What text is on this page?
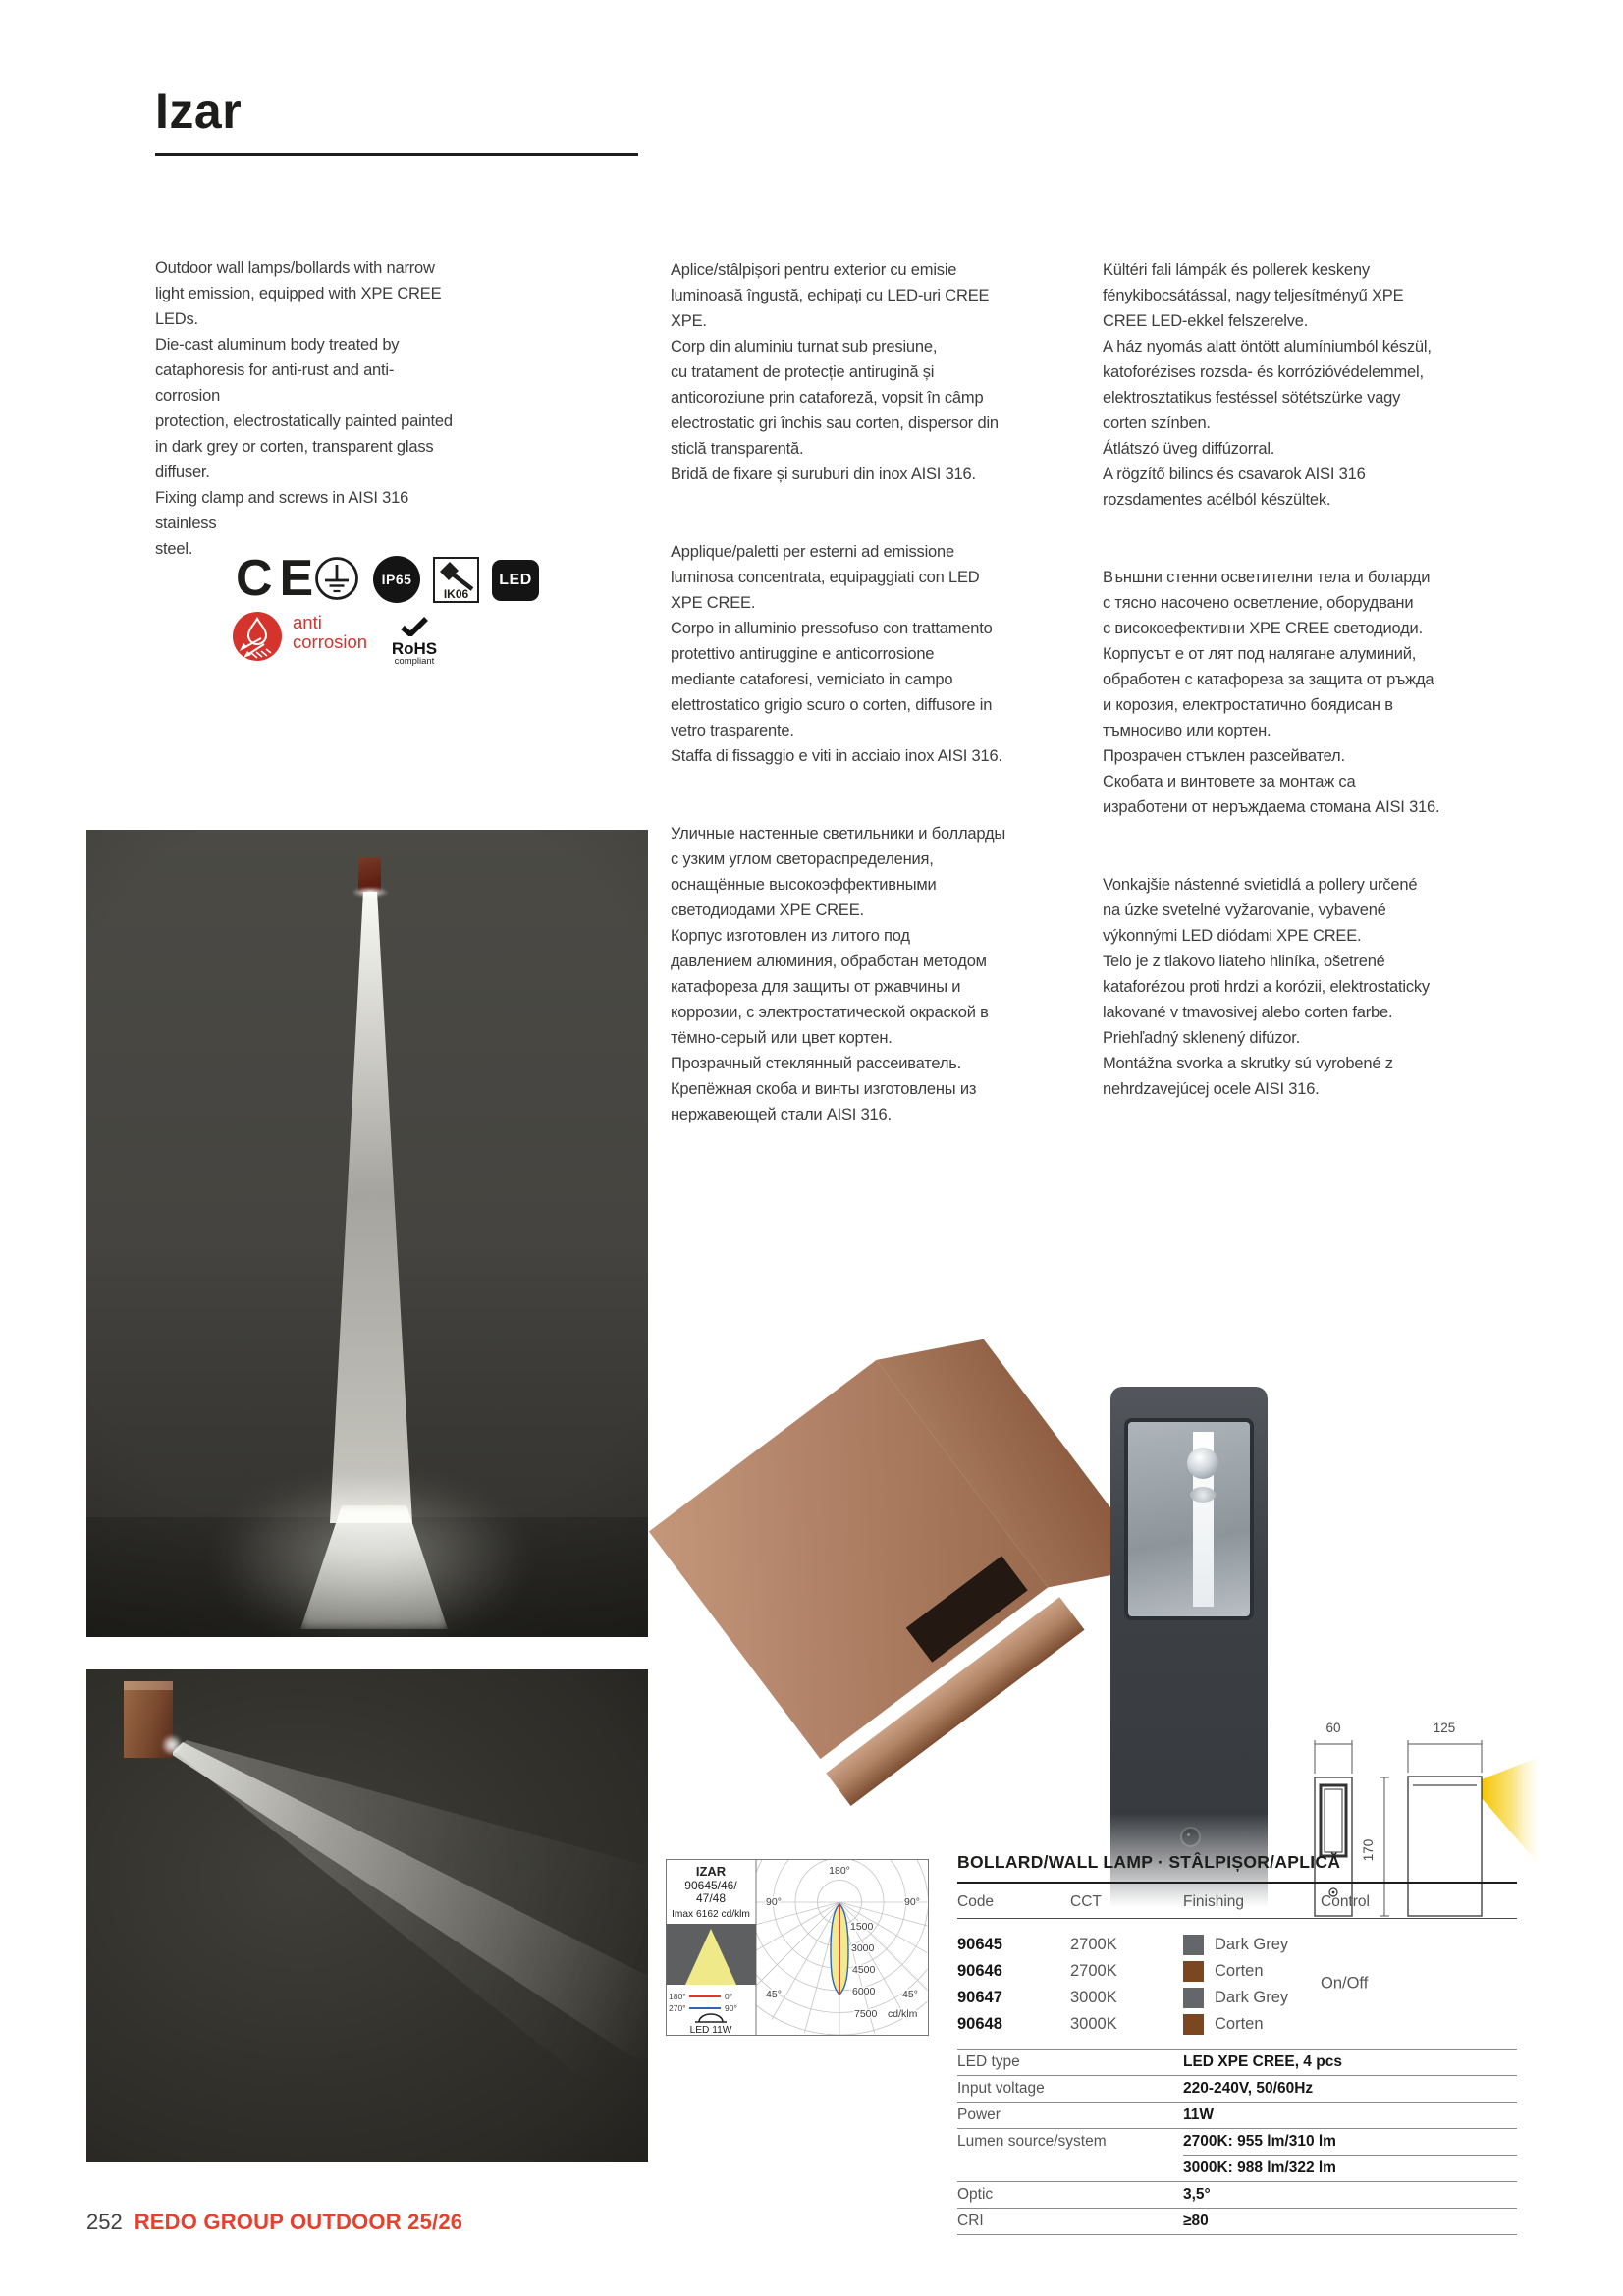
Izar

Outdoor wall lamps/bollards with narrow
light emission, equipped with XPE CREE
LEDs.
Die-cast aluminum body treated by
cataphoresis for anti-rust and anti-corrosion
protection, electrostatically painted painted
in dark grey or corten, transparent glass
diffuser.
Fixing clamp and screws in AISI 316 stainless
steel.

Aplice/stâlpișori pentru exterior cu emisie
luminoasă îngustă, echipați cu LED-uri CREE
XPE.
Corp din aluminiu turnat sub presiune,
cu tratament de protecție antirugină și
anticoroziune prin cataforeză, vopsit în câmp
electrostatic gri închis sau corten, dispersor din
sticlă transparentă.
Bridă de fixare și suruburi din inox AISI 316.

Applique/paletti per esterni ad emissione
luminosa concentrata, equipaggiati con LED
XPE CREE.
Corpo in alluminio pressofuso con trattamento
protettivo antiruggine e anticorrosione
mediante cataforesi, verniciato in campo
elettrostatico grigio scuro o corten, diffusore in
vetro trasparente.
Staffa di fissaggio e viti in acciaio inox AISI 316.

Уличные настенные светильники и болларды
с узким углом светораспределения,
оснащённые высокоэффективными
светодиодами XPE CREE.
Корпус изготовлен из литого под
давлением алюминия, обработан методом
катафореза для защиты от ржавчины и
коррозии, с электростатической окраской в
тёмно-серый или цвет кортен.
Прозрачный стеклянный рассеиватель.
Крепёжная скоба и винты изготовлены из
нержавеющей стали AISI 316.

Kültéri fali lámpák és pollerek keskeny
fénykibocsátással, nagy teljesítményű XPE
CREE LED-ekkel felszerelve.
A ház nyomás alatt öntött alumíniumból készül,
katoforézises rozsda- és korrózióvédelemmel,
elektrosztatikus festéssel sötétszürke vagy
corten színben.
Átlátszó üveg diffúzorral.
A rögzítő bilincs és csavarok AISI 316
rozsdamentes acélból készültek.

Външни стенни осветителни тела и боларди
с тясно насочено осветление, оборудвани
с високоефективни XPE CREE светодиоди.
Корпусът е от лят под налягане алуминий,
обработен с катафореза за защита от ръжда
и корозия, електростатично боядисан в
тъмносиво или кортен.
Прозрачен стъклен разсейвател.
Скобата и винтовете за монтаж са
изработени от неръждаема стомана AISI 316.

Vonkajšie nástenné svietidlá a pollery určené
na úzke svetelné vyžarovanie, vybavené
výkonnými LED diódami XPE CREE.
Telo je z tlakovo liateho hliníka, ošetrené
kataforézou proti hrdzi a korózii, elektrostaticky
lakované v tmavosivej alebo corten farbe.
Priehľadný sklenený difúzor.
Montážna svorka a skrutky sú vyrobené z
nehrdzavejúcej ocele AISI 316.

CE	IP65
IK06
LED
anti
corrosion	RoHS
compliant
60
170
125
IZAR
90645/46/
47/48
Imax 6162 cd/klm
180°	0°
270°	90°
LED 11W
180°
90°	90°
45°	45°
1500
3000
4500
6000
7500 cd/klm
BOLLARD/WALL LAMP · STÂLPIȘOR/APLICĂ
Code	CCT	Finishing	Control
90645	2700K	Dark Grey
90646	2700K	Corten
90647	3000K	Dark Grey
90648	3000K	Corten
On/Off
LED type	LED XPE CREE, 4 pcs
Input voltage	220-240V, 50/60Hz
Power	11W
Lumen source/system	2700K: 955 lm/310 lm
3000K: 988 lm/322 lm
Optic	3,5°
CRI	≥80
252 REDO GROUP OUTDOOR 25/26
